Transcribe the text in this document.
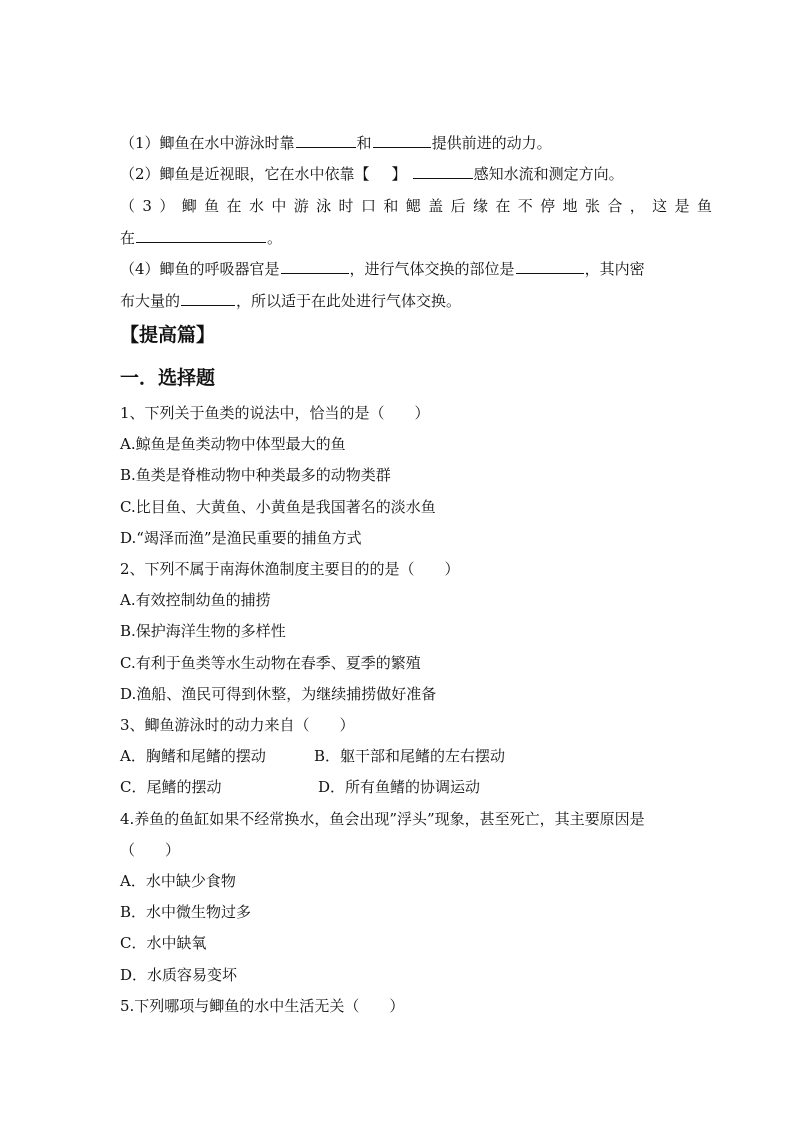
（1）鲫鱼在水中游泳时靠	和	提供前进的动力。
（2）鲫鱼是近视眼，它在水中依靠【 】	感知水流和测定方向。
（3）鲫鱼在水中游泳时口和鳃盖后缘在不停地张合，这是鱼
在	。
（4）鲫鱼的呼吸器官是	，进行气体交换的部位是	，其内密
布大量的	，所以适于在此处进行气体交换。
【提高篇】
一．选择题
1、下列关于鱼类的说法中，恰当的是（　　）
A.鲸鱼是鱼类动物中体型最大的鱼
B.鱼类是脊椎动物中种类最多的动物类群
C.比目鱼、大黄鱼、小黄鱼是我国著名的淡水鱼
D.“竭泽而渔”是渔民重要的捕鱼方式
2、下列不属于南海休渔制度主要目的的是（　　）
A.有效控制幼鱼的捕捞
B.保护海洋生物的多样性
C.有利于鱼类等水生动物在春季、夏季的繁殖
D.渔船、渔民可得到休整，为继续捕捞做好准备
3、鲫鱼游泳时的动力来自（　　）
A．胸鳍和尾鳍的摆动	B．躯干部和尾鳍的左右摆动
C．尾鳍的摆动	D．所有鱼鳍的协调运动
4.养鱼的鱼缸如果不经常换水，鱼会出现”浮头”现象，甚至死亡，其主要原因是
（　　）
A．水中缺少食物
B．水中微生物过多
C．水中缺氧
D．水质容易变坏
5.下列哪项与鲫鱼的水中生活无关（　　）
